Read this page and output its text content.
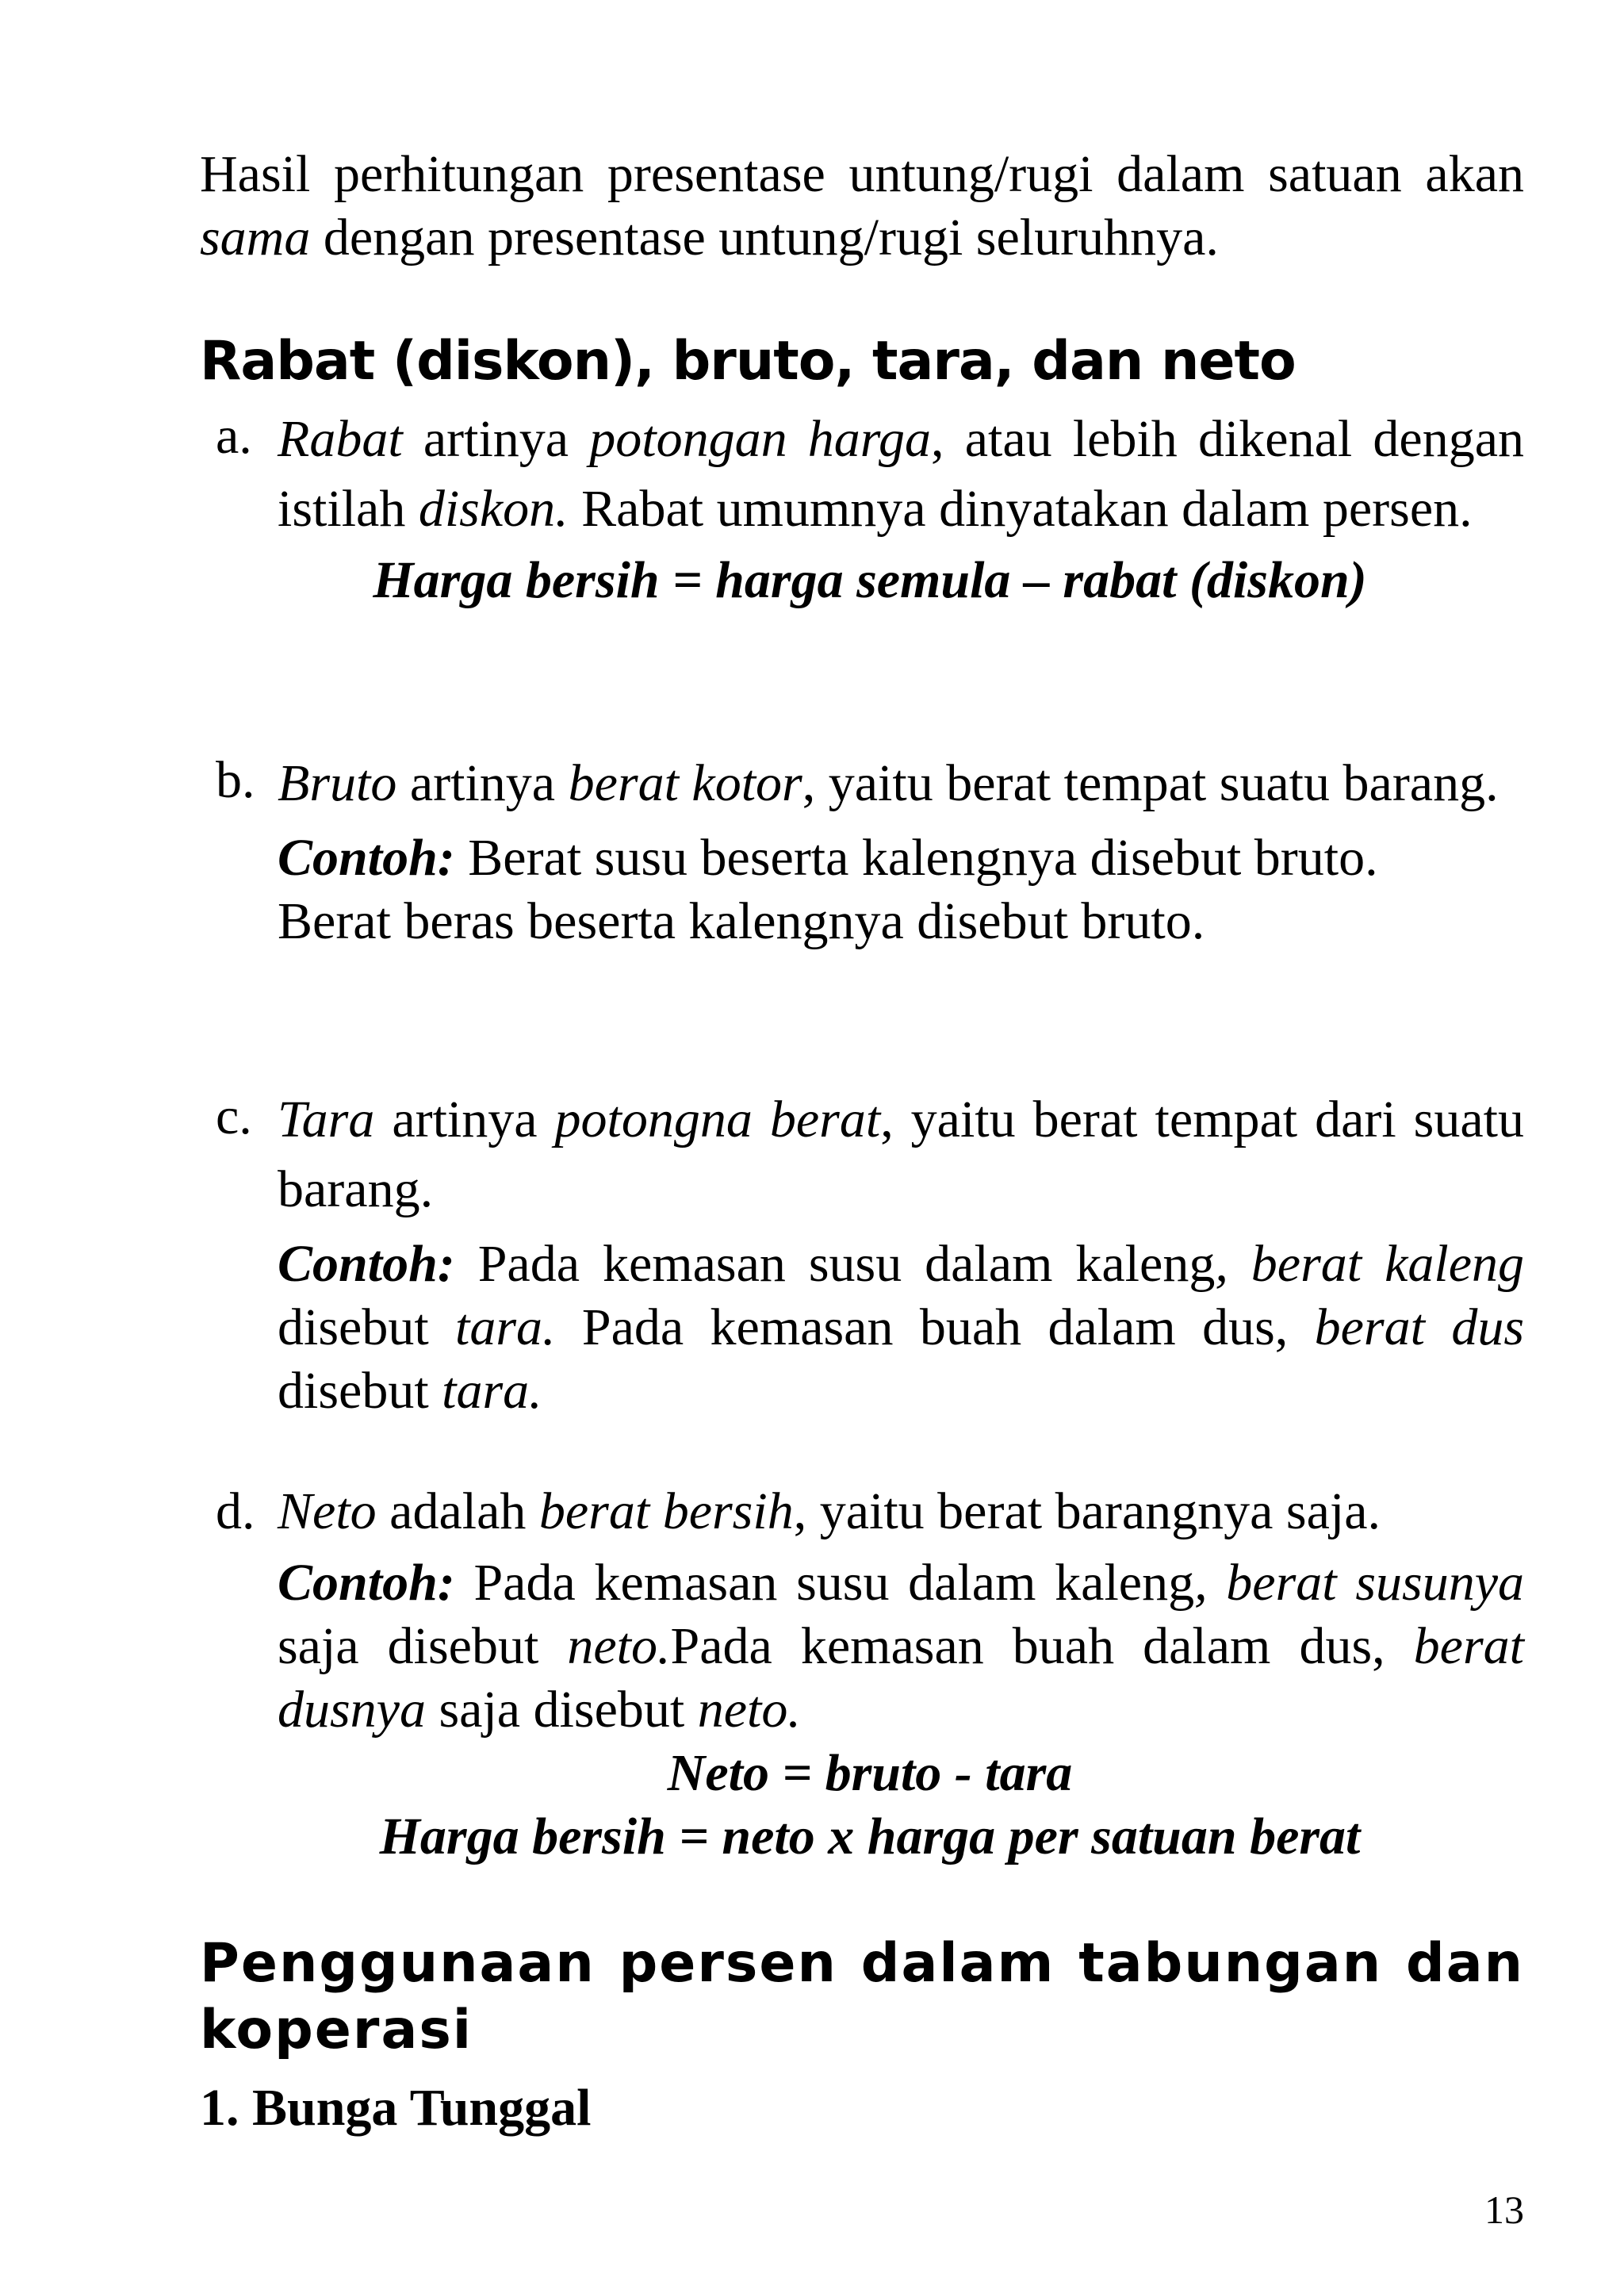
Hasil perhitungan presentase untung/rugi dalam satuan akan sama dengan presentase untung/rugi seluruhnya.

Rabat (diskon), bruto, tara, dan neto
a. Rabat artinya potongan harga, atau lebih dikenal dengan istilah diskon. Rabat umumnya dinyatakan dalam persen.

Harga bersih = harga semula – rabat (diskon)

b. Bruto artinya berat kotor, yaitu berat tempat suatu barang.

Contoh: Berat susu beserta kalengnya disebut bruto.

Berat beras beserta kalengnya disebut bruto.

c. Tara artinya potongna berat, yaitu berat tempat dari suatu barang.

Contoh: Pada kemasan susu dalam kaleng, berat kaleng disebut tara. Pada kemasan buah dalam dus, berat dus disebut tara.

d. Neto adalah berat bersih, yaitu berat barangnya saja.

Contoh: Pada kemasan susu dalam kaleng, berat susunya saja disebut neto.Pada kemasan buah dalam dus, berat dusnya saja disebut neto.

Neto = bruto - tara

Harga bersih = neto x harga per satuan berat

Penggunaan persen dalam tabungan dan koperasi

1. Bunga Tunggal

13
